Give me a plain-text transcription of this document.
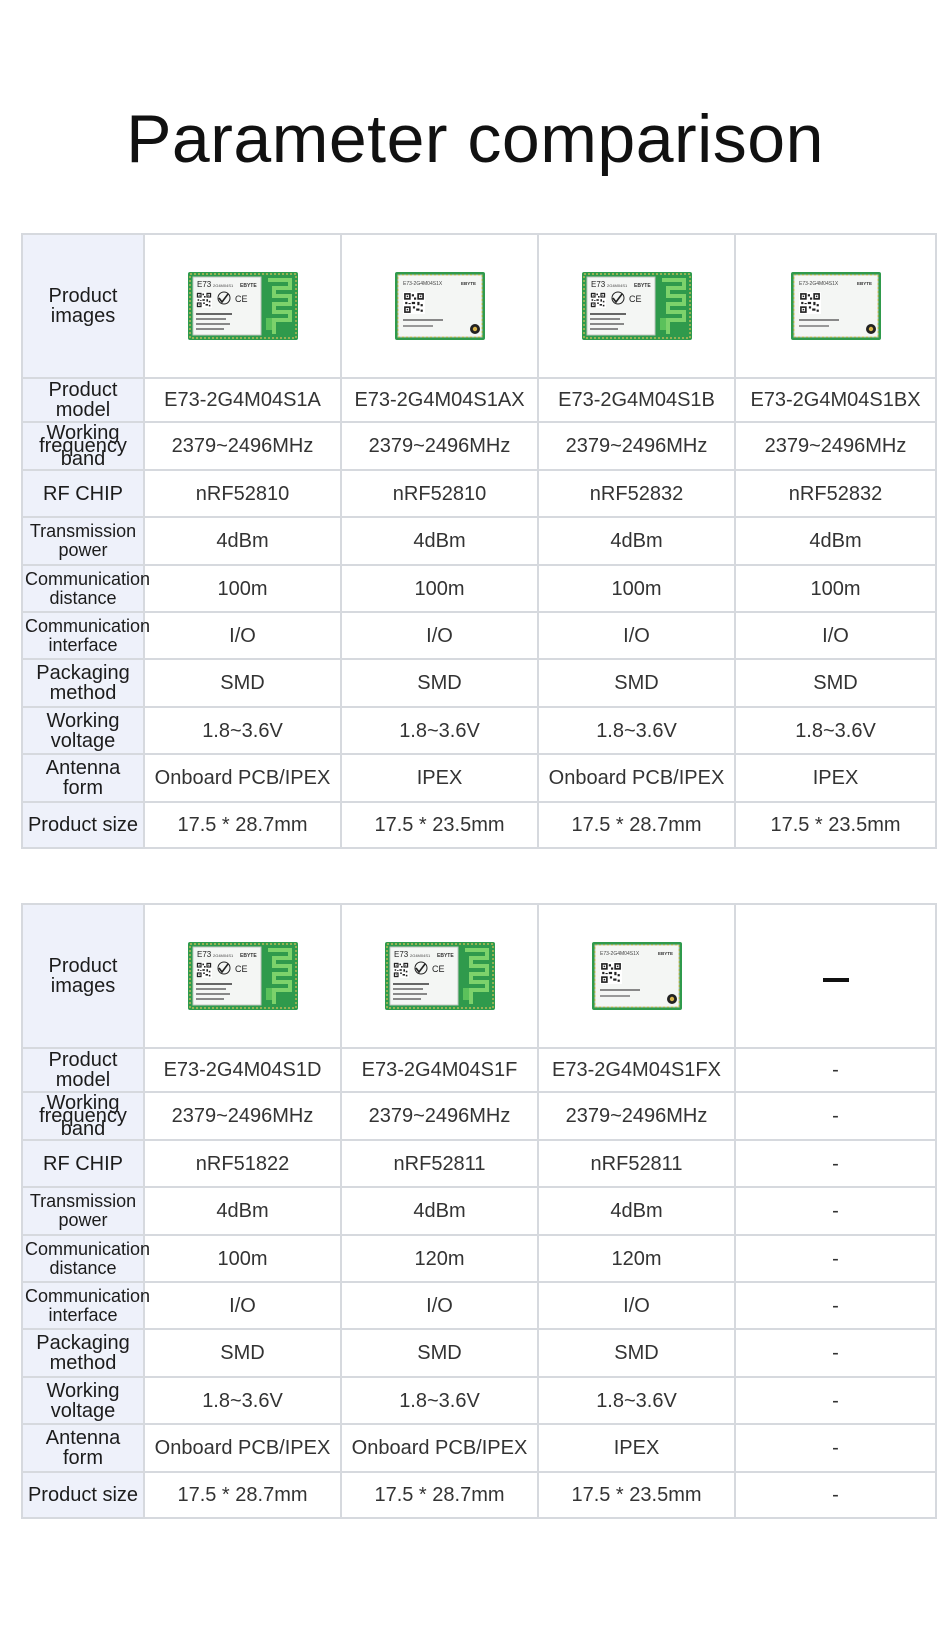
Parameter comparison
Product images	

Product model	E73-2G4M04S1A	E73-2G4M04S1AX	E73-2G4M04S1B	E73-2G4M04S1BX
Working frequency band	2379~2496MHz	2379~2496MHz	2379~2496MHz	2379~2496MHz
RF CHIP	nRF52810	nRF52810	nRF52832	nRF52832
Transmission power	4dBm	4dBm	4dBm	4dBm
Communication distance	100m	100m	100m	100m
Communication interface	I/O	I/O	I/O	I/O
Packaging method	SMD	SMD	SMD	SMD
Working voltage	1.8~3.6V	1.8~3.6V	1.8~3.6V	1.8~3.6V
Antenna form	Onboard PCB/IPEX	IPEX	Onboard PCB/IPEX	IPEX
Product size	17.5 * 28.7mm	17.5 * 23.5mm	17.5 * 28.7mm	17.5 * 23.5mm
Product images	

Product model	E73-2G4M04S1D	E73-2G4M04S1F	E73-2G4M04S1FX	-
Working frequency band	2379~2496MHz	2379~2496MHz	2379~2496MHz	-
RF CHIP	nRF51822	nRF52811	nRF52811	-
Transmission power	4dBm	4dBm	4dBm	-
Communication distance	100m	120m	120m	-
Communication interface	I/O	I/O	I/O	-
Packaging method	SMD	SMD	SMD	-
Working voltage	1.8~3.6V	1.8~3.6V	1.8~3.6V	-
Antenna form	Onboard PCB/IPEX	Onboard PCB/IPEX	IPEX	-
Product size	17.5 * 28.7mm	17.5 * 28.7mm	17.5 * 23.5mm	-
